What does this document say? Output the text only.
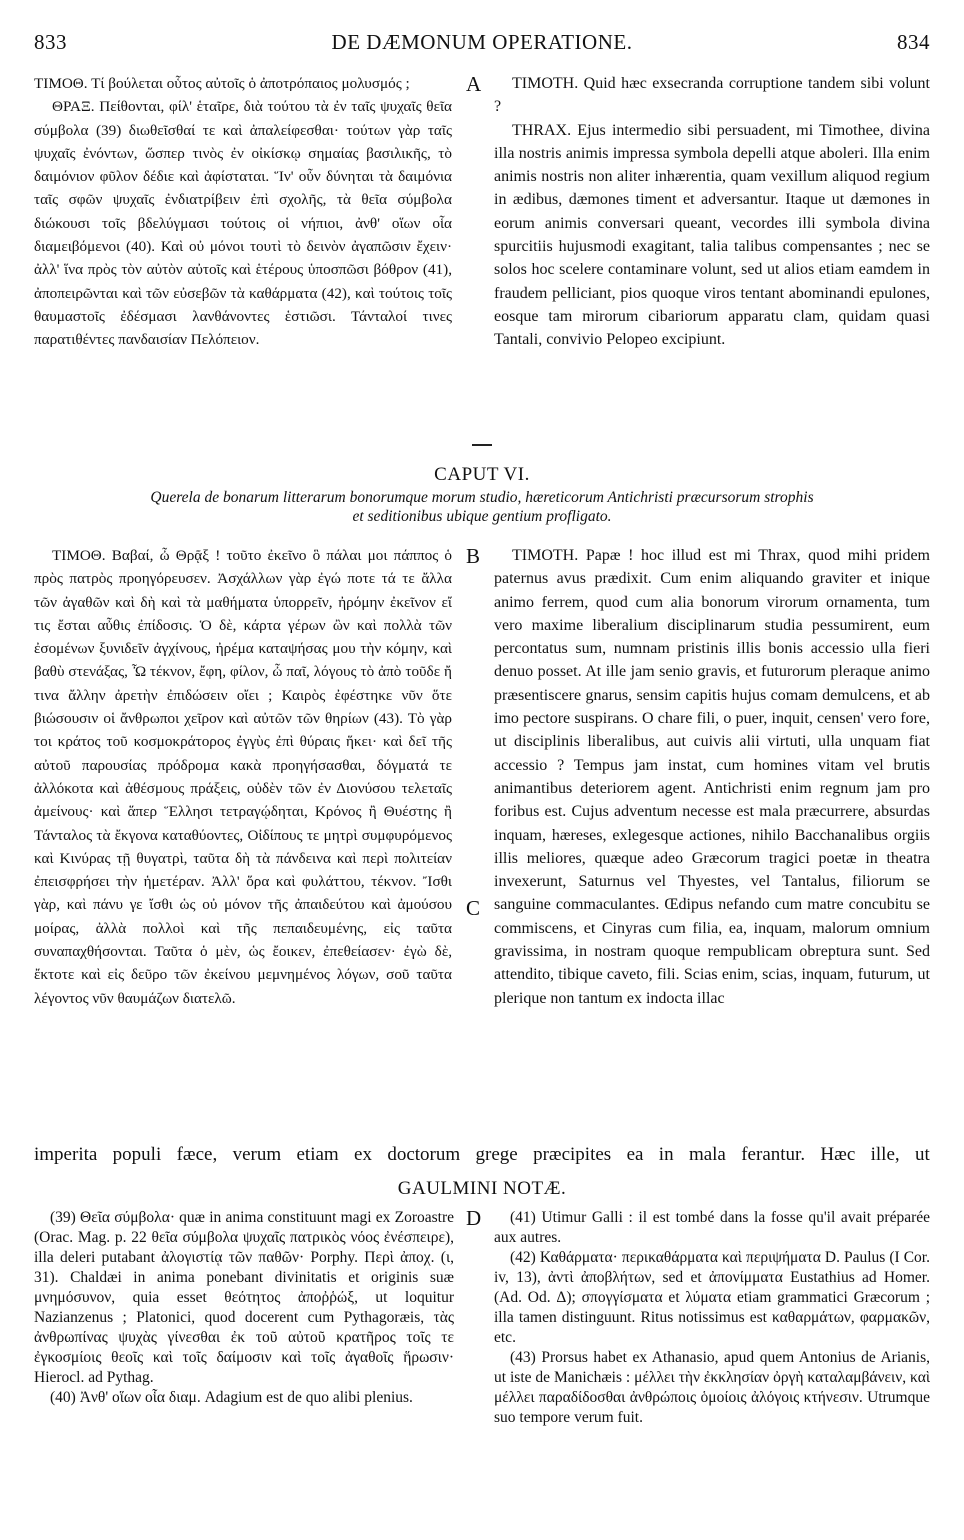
833	DE DÆMONUM OPERATIONE.	834

ΤΙΜΟΘ. Τί βούλεται οὗτος αὐτοῖς ὁ ἀποτρόπαιος μολυσμός ;

ΘΡΑΞ. Πείθονται, φίλ' ἑταῖρε, διὰ τούτου τὰ ἐν ταῖς ψυχαῖς θεῖα σύμβολα (39) διωθεῖσθαί τε καὶ ἀπαλείφεσθαι· τούτων γὰρ ταῖς ψυχαῖς ἐνόντων, ὥσπερ τινὸς ἐν οἰκίσκῳ σημαίας βασιλικῆς, τὸ δαιμόνιον φῦλον δέδιε καὶ ἀφίσταται. Ἵν' οὖν δύνηται τὰ δαιμόνια ταῖς σφῶν ψυχαῖς ἐνδιατρίβειν ἐπὶ σχολῆς, τὰ θεῖα σύμβολα διώκουσι τοῖς βδελύγμασι τούτοις οἱ νήπιοι, ἀνθ' οἵων οἷα διαμειβόμενοι (40). Καὶ οὐ μόνοι τουτὶ τὸ δεινὸν ἀγαπῶσιν ἔχειν· ἀλλ' ἵνα πρὸς τὸν αὐτὸν αὐτοῖς καὶ ἑτέρους ὑποσπῶσι βόθρον (41), ἀποπειρῶνται καὶ τῶν εὐσεβῶν τὰ καθάρματα (42), καὶ τούτοις τοῖς θαυμαστοῖς ἐδέσμασι λανθάνοντες ἑστιῶσι. Τάνταλοί τινες παρατιθέντες πανδαισίαν Πελόπειον.

A	TIMOTH. Quid hæc exsecranda corruptione tandem sibi volunt ?

THRAX. Ejus intermedio sibi persuadent, mi Timothee, divina illa nostris animis impressa symbola depelli atque aboleri. Illa enim animis nostris non aliter inhærentia, quam vexillum aliquod regium in ædibus, dæmones timent et adversantur. Itaque ut dæmones in eorum animis conversari queant, vecordes illi symbola divina spurcitiis hujusmodi exagitant, talia talibus compensantes ; nec se solos hoc scelere contaminare volunt, sed ut alios etiam eamdem in fraudem pelliciant, pios quoque viros tentant abominandi epulones, eosque tam mirorum cibariorum apparatu clam, quidam quasi Tantali, convivio Pelopeo excipiunt.

CAPUT VI.
Querela de bonarum litterarum bonorumque morum studio, hæreticorum Antichristi præcursorum strophis
et seditionibus ubique gentium profligato.

ΤΙΜΟΘ. Βαβαί, ὦ Θρᾷξ ! τοῦτο ἐκεῖνο ὃ πάλαι μοι πάππος ὁ πρὸς πατρὸς προηγόρευσεν. Ἀσχάλλων γὰρ ἐγώ ποτε τά τε ἄλλα τῶν ἀγαθῶν καὶ δὴ καὶ τὰ μαθήματα ὑπορρεῖν, ἠρόμην ἐκεῖνον εἴ τις ἔσται αὖθις ἐπίδοσις. Ὁ δὲ, κάρτα γέρων ὢν καὶ πολλὰ τῶν ἐσομένων ξυνιδεῖν ἀγχίνους, ἠρέμα καταψήσας μου τὴν κόμην, καὶ βαθὺ στενάξας, Ὦ τέκνον, ἔφη, φίλον, ὦ παῖ, λόγους τὸ ἀπὸ τοῦδε ἤ τινα ἄλλην ἀρετὴν ἐπιδώσειν οἴει ; Καιρὸς ἐφέστηκε νῦν ὅτε βιώσουσιν οἱ ἄνθρωποι χεῖρον καὶ αὐτῶν τῶν θηρίων (43). Τὸ γὰρ τοι κράτος τοῦ κοσμοκράτορος ἐγγὺς ἐπὶ θύραις ἥκει· καὶ δεῖ τῆς αὐτοῦ παρουσίας πρόδρομα κακὰ προηγήσασθαι, δόγματά τε ἀλλόκοτα καὶ ἀθέσμους πράξεις, οὐδὲν τῶν ἐν Διονύσου τελεταῖς ἀμείνους· καὶ ἅπερ Ἕλλησι τετραγῴδηται, Κρόνος ἢ Θυέστης ἢ Τάνταλος τὰ ἔκγονα καταθύοντες, Οἰδίπους τε μητρὶ συμφυρόμενος καὶ Κινύρας τῇ θυγατρὶ, ταῦτα δὴ τὰ πάνδεινα καὶ περὶ πολιτείαν ἐπεισφρήσει τὴν ἡμετέραν. Ἀλλ' ὅρα καὶ φυλάττου, τέκνον. Ἴσθι γὰρ, καὶ πάνυ γε ἴσθι ὡς οὐ μόνον τῆς ἀπαιδεύτου καὶ ἀμούσου μοίρας, ἀλλὰ πολλοὶ καὶ τῆς πεπαιδευμένης, εἰς ταῦτα συναπαχθήσονται. Ταῦτα ὁ μὲν, ὡς ἔοικεν, ἐπεθείασεν· ἐγὼ δὲ, ἔκτοτε καὶ εἰς δεῦρο τῶν ἐκείνου μεμνημένος λόγων, σοῦ ταῦτα λέγοντος νῦν θαυμάζων διατελῶ.

B
C

TIMOTH. Papæ ! hoc illud est mi Thrax, quod mihi pridem paternus avus prædixit. Cum enim aliquando graviter et inique animo ferrem, quod cum alia bonorum virorum ornamenta, tum vero maxime liberalium disciplinarum studia pessumirent, eum percontatus sum, numnam pristinis illis bonis accessio ulla fieri denuo posset. At ille jam senio gravis, et futurorum pleraque animo præsentiscere gnarus, sensim capitis hujus comam demulcens, et ab imo pectore suspirans. O chare fili, o puer, inquit, censen' vero fore, ut disciplinis liberalibus, aut cuivis alii virtuti, ulla unquam fiat accessio ? Tempus jam instat, cum homines vitam vel brutis animantibus deteriorem agent. Antichristi enim regnum jam pro foribus est. Cujus adventum necesse est mala præcurrere, absurdas inquam, hæreses, exlegesque actiones, nihilo Bacchanalibus orgiis illis meliores, quæque adeo Græcorum tragici poetæ in theatra invexerunt, Saturnus vel Thyestes, vel Tantalus, filiorum se sanguine commaculantes. Œdipus nefando cum matre concubitu se commiscens, et Cinyras cum filia, ea, inquam, malorum omnium gravissima, in nostram quoque rempublicam obreptura sunt. Sed attendito, tibique caveto, fili. Scias enim, scias, inquam, futurum, ut plerique non tantum ex indocta illac

imperita populi fæce, verum etiam ex doctorum grege præcipites ea in mala ferantur. Hæc ille, ut
GAULMINI NOTÆ.

(39) Θεῖα σύμβολα· quæ in anima constituunt magi ex Zoroastre (Orac. Mag. p. 22 θεῖα σύμβολα ψυχαῖς πατρικὸς νόος ἐνέσπειρε), illa deleri putabant ἀλογιστίᾳ τῶν παθῶν· Porphy. Περὶ ἀποχ. (ι, 31). Chaldæi in anima ponebant divinitatis et originis suæ μνημόσυνον, quia esset θεότητος ἀποῤῥώξ, ut loquitur Nazianzenus ; Platonici, quod docerent cum Pythagoræis, τὰς ἀνθρωπίνας ψυχὰς γίνεσθαι ἐκ τοῦ αὐτοῦ κρατῆρος τοῖς τε ἐγκοσμίοις θεοῖς καὶ τοῖς δαίμοσιν καὶ τοῖς ἀγαθοῖς ἥρωσιν· Hierocl. ad Pythag.

(40) Ἀνθ' οἵων οἷα διαμ. Adagium est de quo alibi plenius.

D	(41) Utimur Galli : il est tombé dans la fosse qu'il avait préparée aux autres.

(42) Καθάρματα· περικαθάρματα καὶ περιψήματα D. Paulus (I Cor. iv, 13), ἀντὶ ἀποβλήτων, sed et ἀπονίμματα Eustathius ad Homer. (Ad. Od. Δ); σπογγίσματα et λύματα etiam grammatici Græcorum ; illa tamen distinguunt. Ritus notissimus est καθαρμάτων, φαρμακῶν, etc.

(43) Prorsus habet ex Athanasio, apud quem Antonius de Arianis, ut iste de Manichæis : μέλλει τὴν ἐκκλησίαν ὀργὴ καταλαμβάνειν, καὶ μέλλει παραδίδοσθαι ἀνθρώποις ὁμοίοις ἀλόγοις κτήνεσιν. Utrumque suo tempore verum fuit.
